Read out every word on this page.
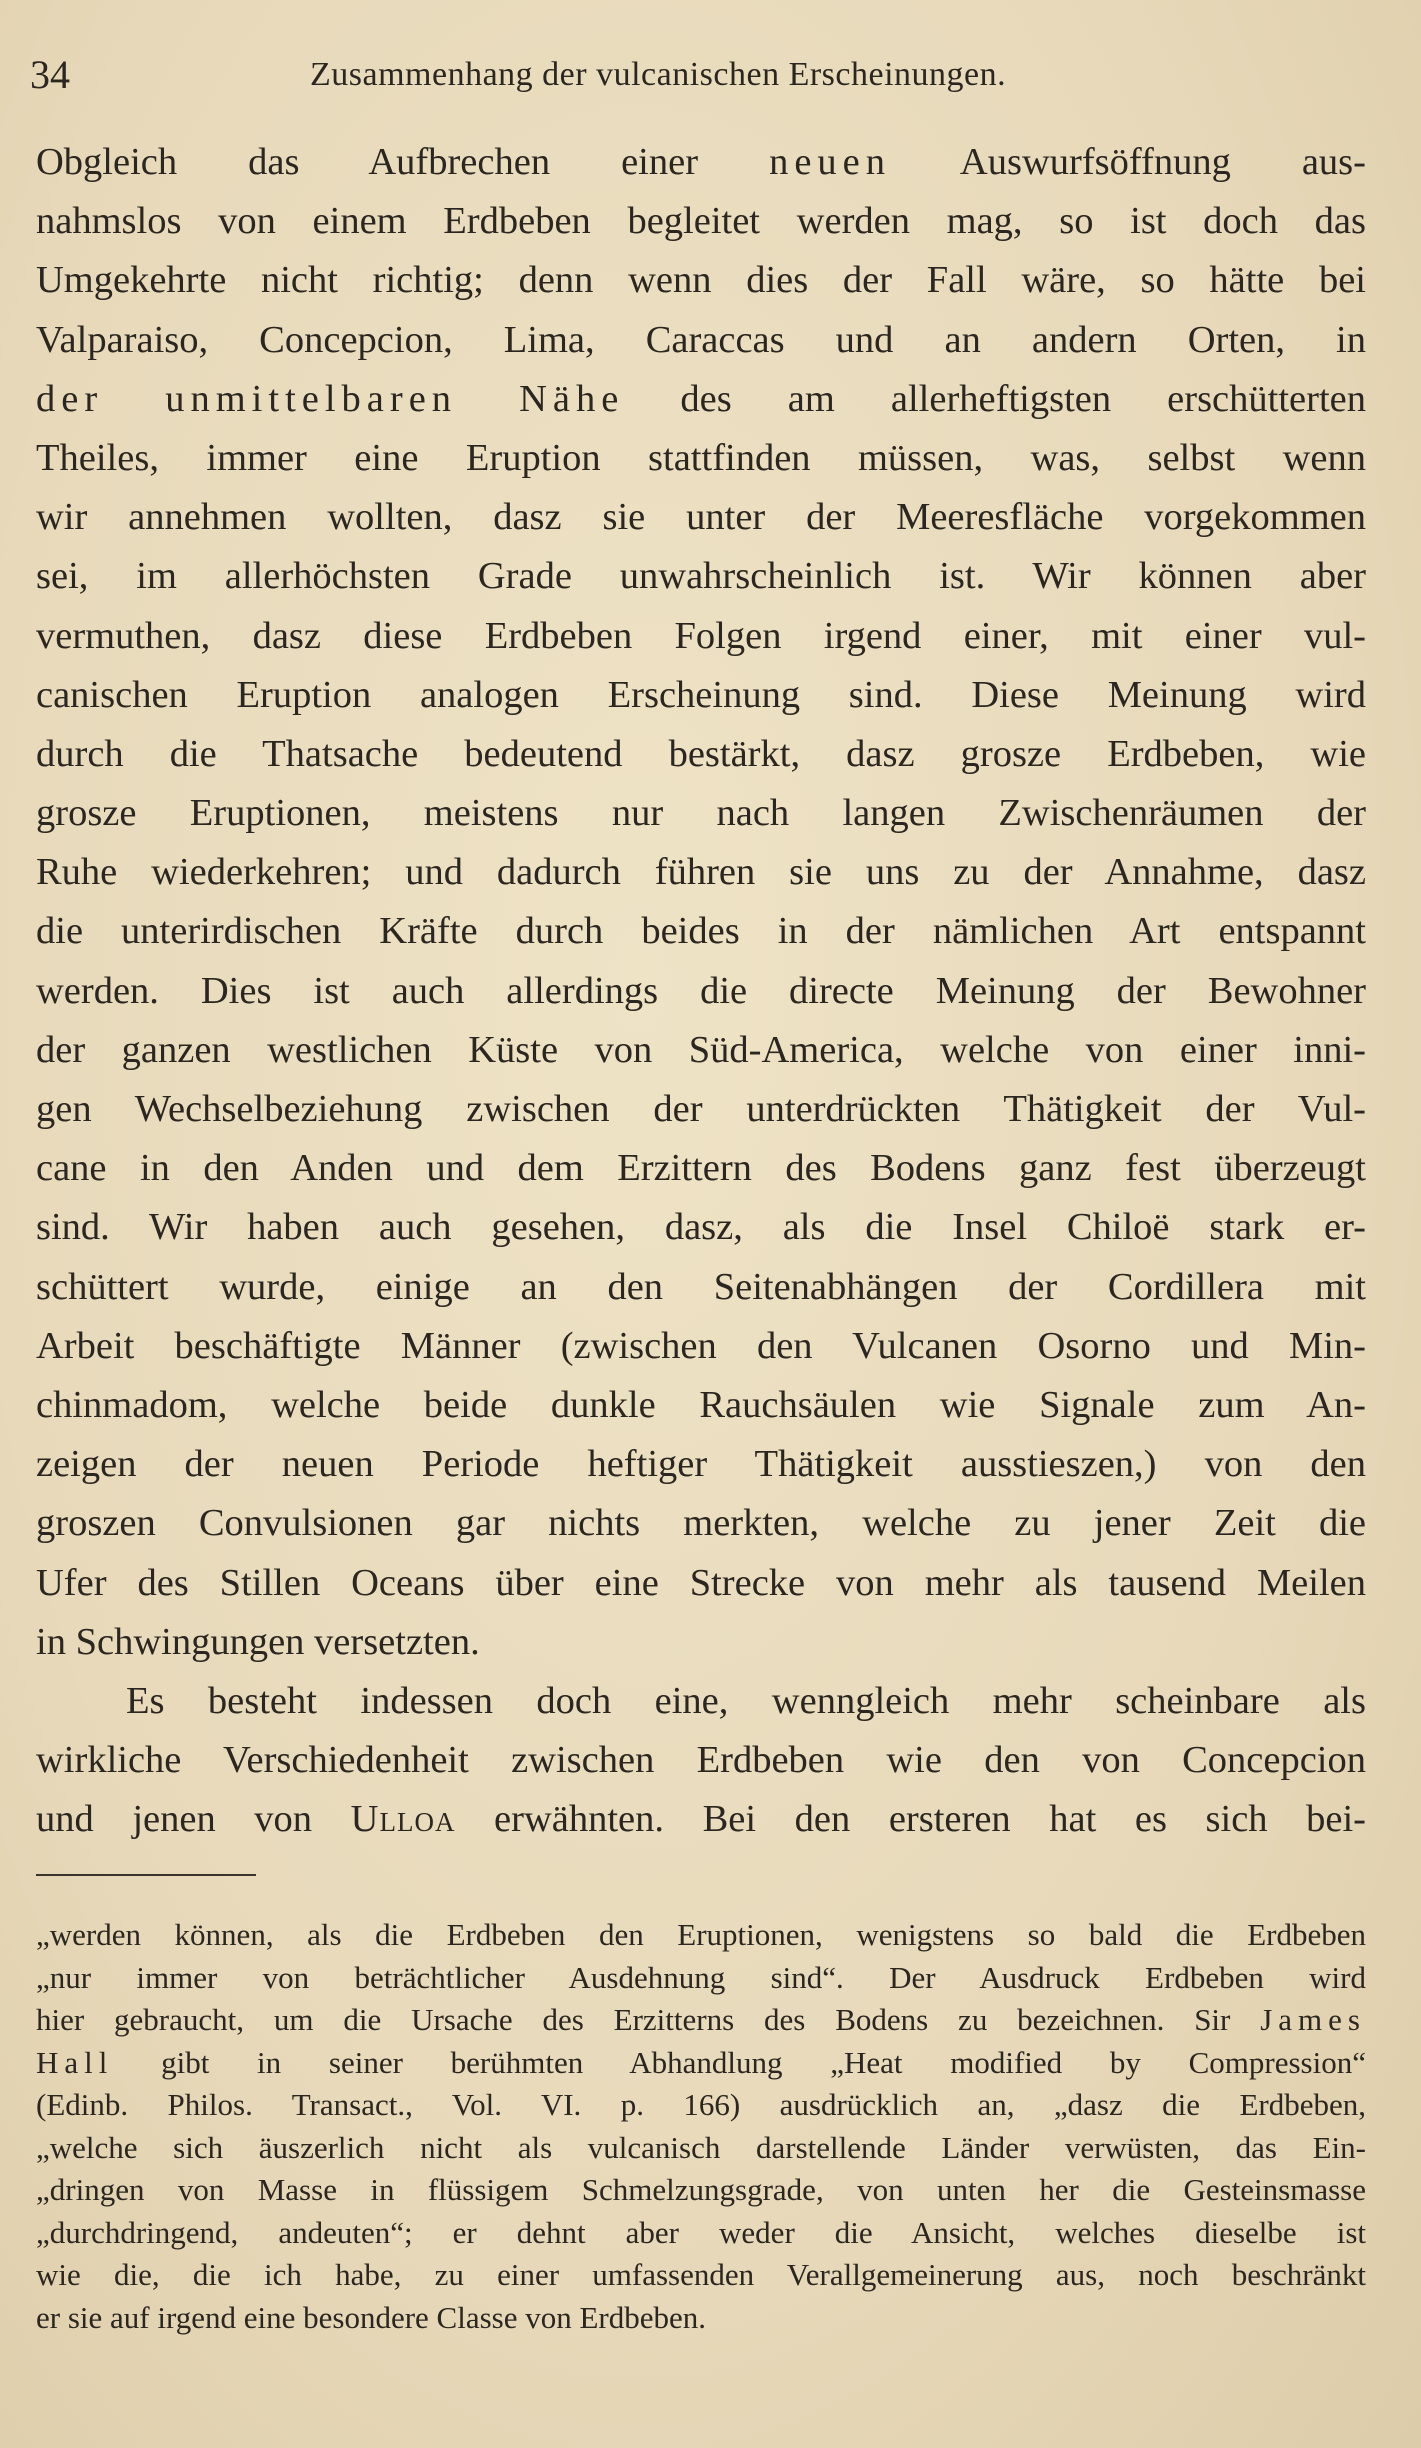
34	Zusammenhang der vulcanischen Erscheinungen.
Obgleich das Aufbrechen einer neuen Auswurfsöffnung aus-
nahmslos von einem Erdbeben begleitet werden mag, so ist doch das
Umgekehrte nicht richtig; denn wenn dies der Fall wäre, so hätte bei
Valparaiso, Concepcion, Lima, Caraccas und an andern Orten, in
der unmittelbaren Nähe des am allerheftigsten erschütterten
Theiles, immer eine Eruption stattfinden müssen, was, selbst wenn
wir annehmen wollten, dasz sie unter der Meeresfläche vorgekommen
sei, im allerhöchsten Grade unwahrscheinlich ist. Wir können aber
vermuthen, dasz diese Erdbeben Folgen irgend einer, mit einer vul-
canischen Eruption analogen Erscheinung sind. Diese Meinung wird
durch die Thatsache bedeutend bestärkt, dasz grosze Erdbeben, wie
grosze Eruptionen, meistens nur nach langen Zwischenräumen der
Ruhe wiederkehren; und dadurch führen sie uns zu der Annahme, dasz
die unterirdischen Kräfte durch beides in der nämlichen Art entspannt
werden. Dies ist auch allerdings die directe Meinung der Bewohner
der ganzen westlichen Küste von Süd-America, welche von einer inni-
gen Wechselbeziehung zwischen der unterdrückten Thätigkeit der Vul-
cane in den Anden und dem Erzittern des Bodens ganz fest überzeugt
sind. Wir haben auch gesehen, dasz, als die Insel Chiloë stark er-
schüttert wurde, einige an den Seitenabhängen der Cordillera mit
Arbeit beschäftigte Männer (zwischen den Vulcanen Osorno und Min-
chinmadom, welche beide dunkle Rauchsäulen wie Signale zum An-
zeigen der neuen Periode heftiger Thätigkeit ausstieszen,) von den
groszen Convulsionen gar nichts merkten, welche zu jener Zeit die
Ufer des Stillen Oceans über eine Strecke von mehr als tausend Meilen
in Schwingungen versetzten.
Es besteht indessen doch eine, wenngleich mehr scheinbare als
wirkliche Verschiedenheit zwischen Erdbeben wie den von Concepcion
und jenen von Ulloa erwähnten. Bei den ersteren hat es sich bei-
„werden können, als die Erdbeben den Eruptionen, wenigstens so bald die Erdbeben
„nur immer von beträchtlicher Ausdehnung sind“. Der Ausdruck Erdbeben wird
hier gebraucht, um die Ursache des Erzitterns des Bodens zu bezeichnen. Sir James
Hall gibt in seiner berühmten Abhandlung „Heat modified by Compression“
(Edinb. Philos. Transact., Vol. VI. p. 166) ausdrücklich an, „dasz die Erdbeben,
„welche sich äuszerlich nicht als vulcanisch darstellende Länder verwüsten, das Ein-
„dringen von Masse in flüssigem Schmelzungsgrade, von unten her die Gesteinsmasse
„durchdringend, andeuten“; er dehnt aber weder die Ansicht, welches dieselbe ist
wie die, die ich habe, zu einer umfassenden Verallgemeinerung aus, noch beschränkt
er sie auf irgend eine besondere Classe von Erdbeben.
